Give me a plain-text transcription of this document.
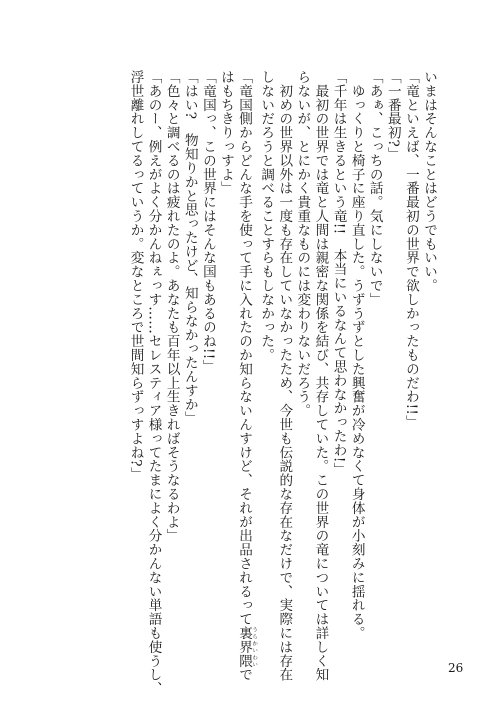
いまはそんなことはどうでもいい。
「竜といえば、一番最初の世界で欲しかったものだわ!!」
「一番最初?」
「あぁ、こっちの話。気にしないで」
　ゆっくりと椅子に座り直した。うずうずとした興奮が冷めなくて身体が小刻みに揺れる。
「千年は生きるという竜!!　本当にいるなんて思わなかったわ!」
　最初の世界では竜と人間は親密な関係を結び、共存していた。この世界の竜については詳しく知
らないが、とにかく貴重なものには変わりないだろう。
　初めの世界以外は一度も存在していなかったため、今世も伝説的な存在なだけで、実際には存在
しないだろうと調べることすらもしなかった。
「竜国側からどんな手を使って手に入れたのか知らないんすけど、それが出品されるって裏界隈 うらかいわいで
はもちきりっすよ」
「竜国っ、この世界にはそんな国もあるのね!!」
「はい?　物知りかと思ったけど、知らなかったんすか」
「色々と調べるのは疲れたのよ。あなたも百年以上生きればそうなるわよ」
「あのー、例えがよく分かんねぇっす……セレスティア様ってたまによく分かんない単語も使うし、
浮世離れしてるっていうか。変なところで世間知らずっすよね?」
26
